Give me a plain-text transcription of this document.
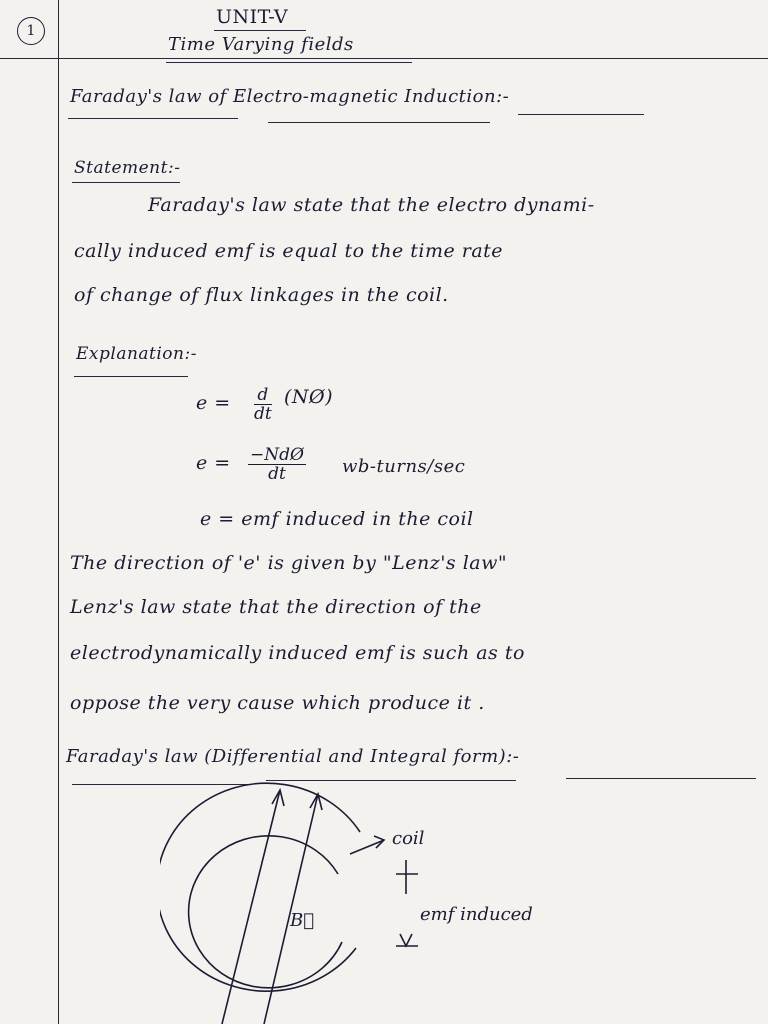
1
UNIT-V
Time Varying fields
Faraday's law of Electro-magnetic Induction:-
Statement:-
Faraday's law state that the electro dynami-
cally induced emf is equal to the time rate
of change of flux linkages in the coil.
Explanation:-
$e = \frac{d}{dt}$ (NØ)
e = −NdØ
dt	wb-turns/sec
e = emf induced in the coil
The direction of 'e' is given by "Lenz's law"
Lenz's law state that the direction of the
electrodynamically induced emf is such as to
oppose the very cause which produce it .
Faraday's law (Differential and Integral form):-
coil
emf induced
B⃗
